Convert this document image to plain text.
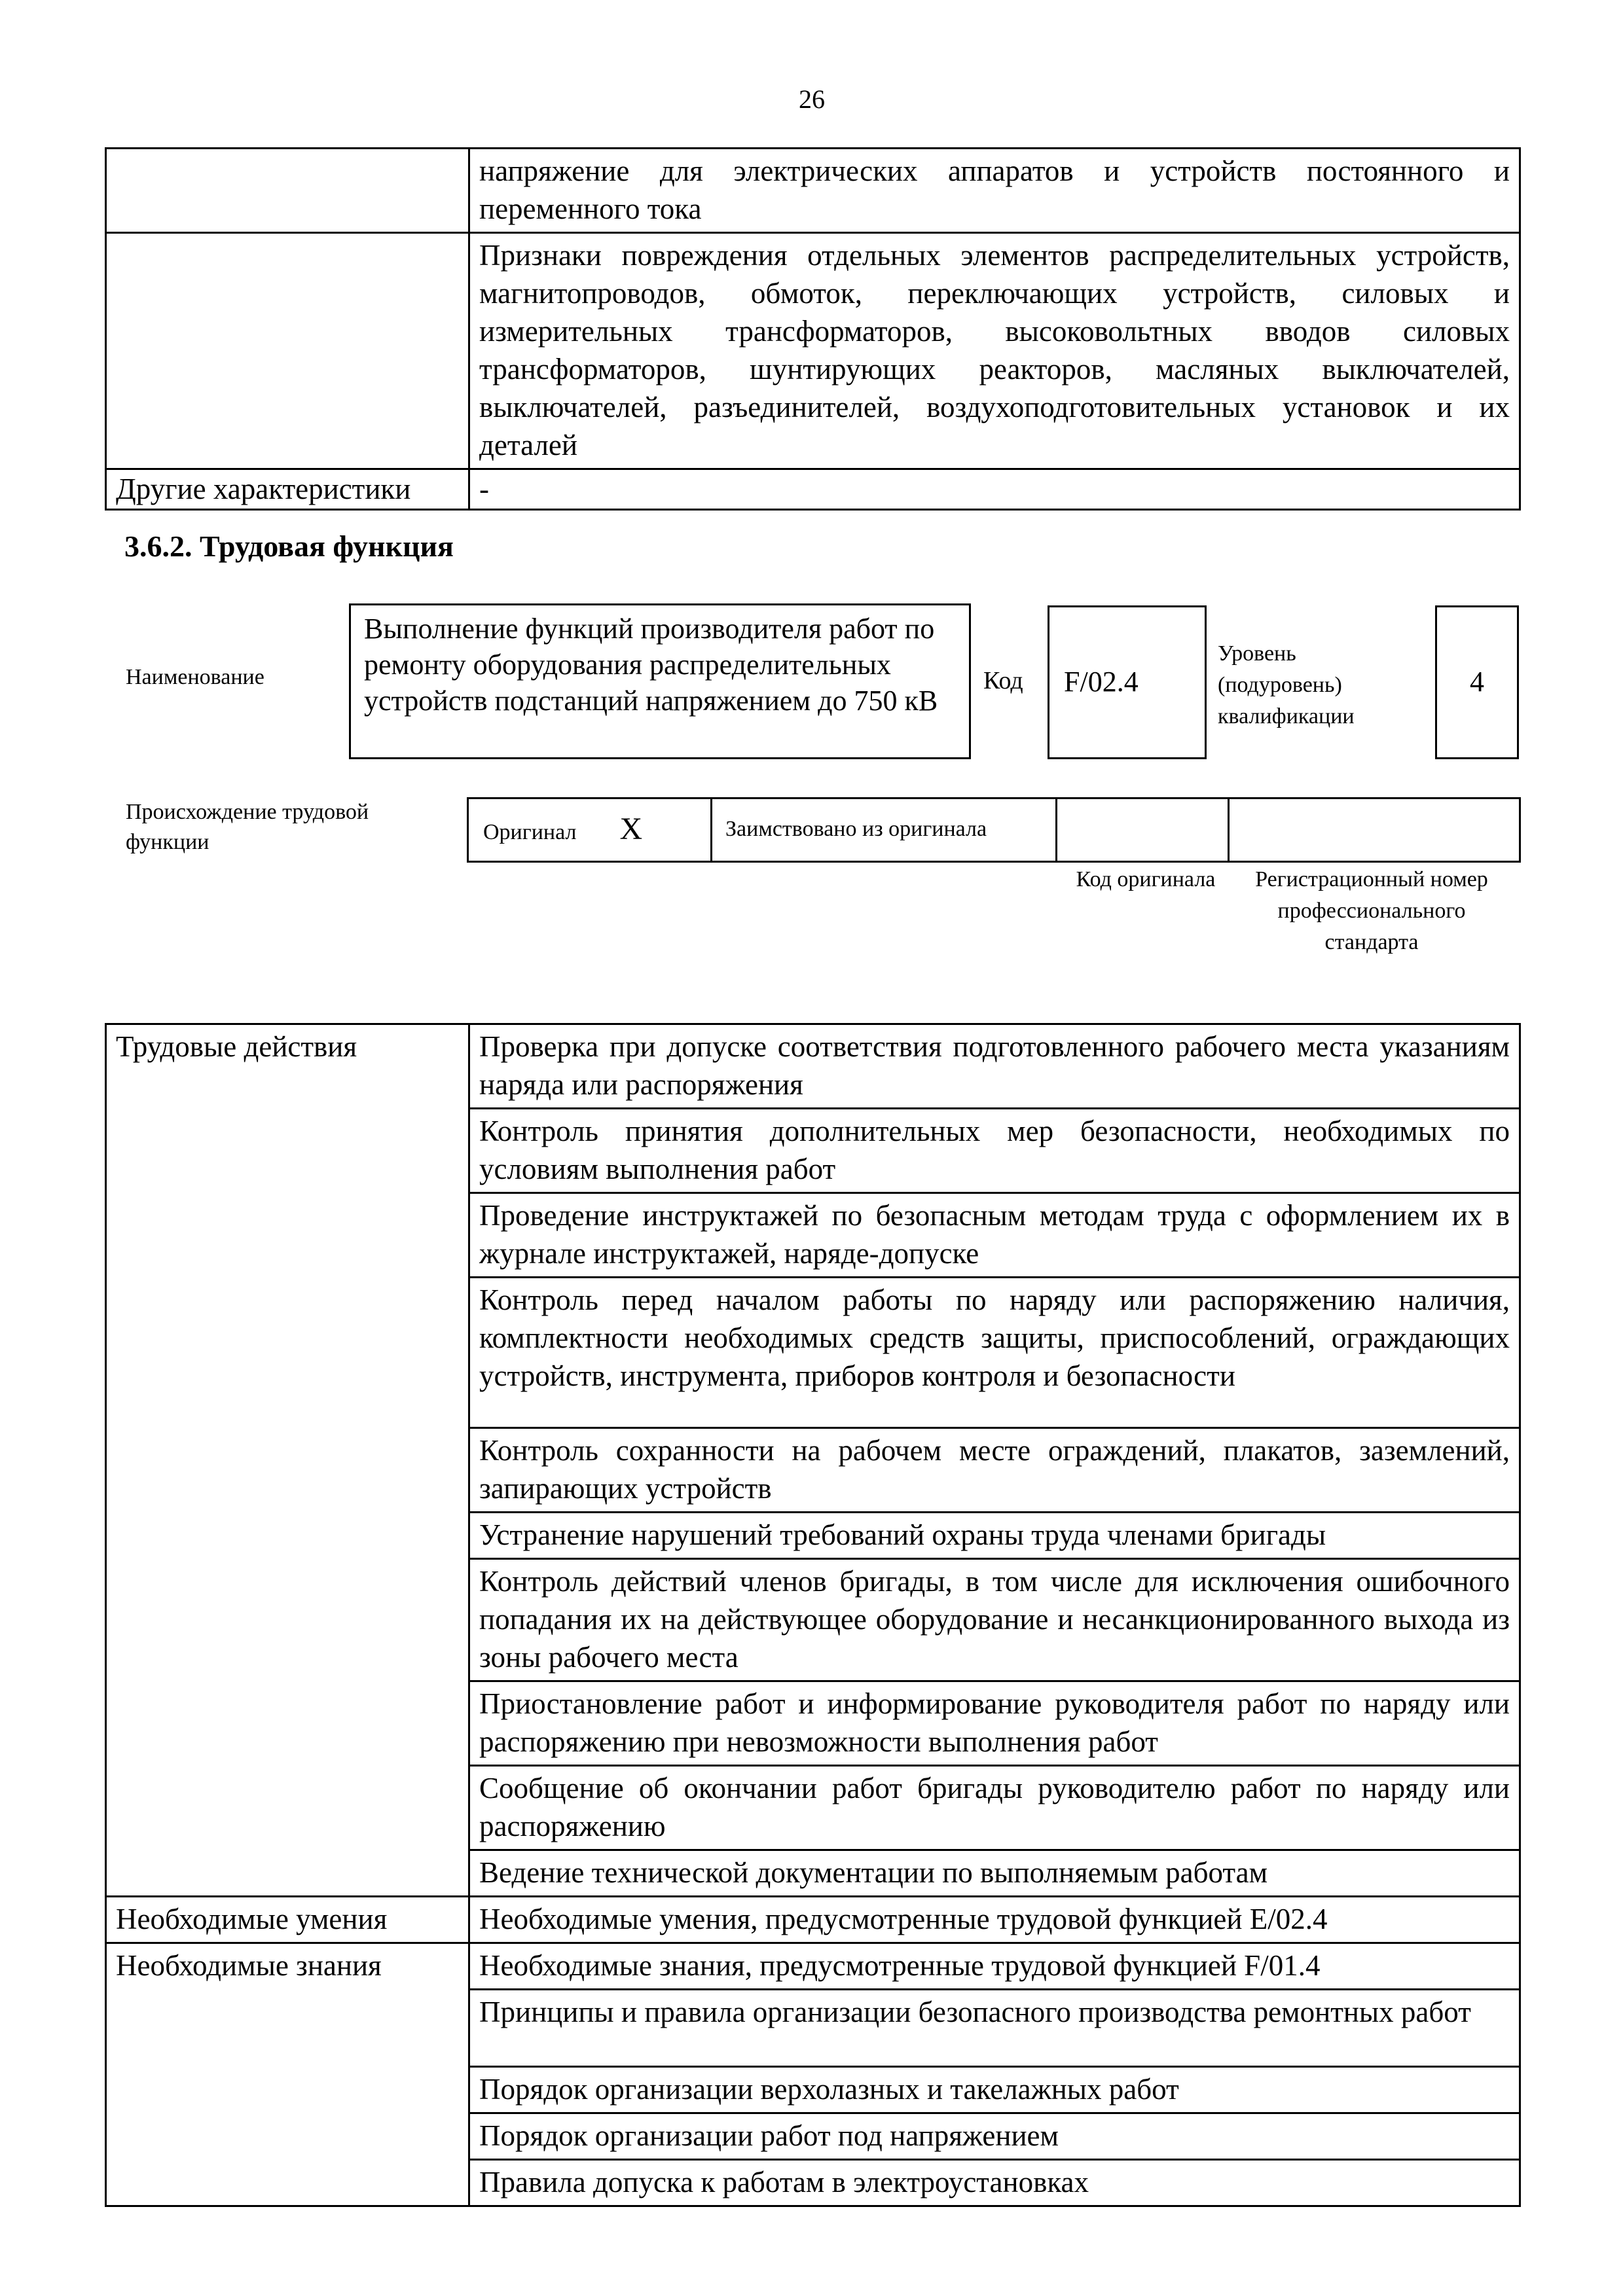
26
	напряжение для электрических аппаратов и устройств постоянного и переменного тока
	Признаки повреждения отдельных элементов распределительных устройств, магнитопроводов, обмоток, переключающих устройств, силовых и измерительных трансформаторов, высоковольтных вводов силовых трансформаторов, шунтирующих реакторов, масляных выключателей, выключателей, разъединителей, воздухоподготовительных установок и их деталей
Другие характеристики	-
3.6.2. Трудовая функция
Наименование
Выполнение функций производителя работ по ремонту оборудования распределительных устройств подстанций напряжением до 750 кВ
Код F/02.4
Уровень (подуровень) квалификации
4
Происхождение трудовой функции	Оригинал X	Заимствовано из оригинала		
Код оригинала	Регистрационный номер профессионального стандарта
Трудовые действия	Проверка при допуске соответствия подготовленного рабочего места указаниям наряда или распоряжения
	Контроль принятия дополнительных мер безопасности, необходимых по условиям выполнения работ
	Проведение инструктажей по безопасным методам труда с оформлением их в журнале инструктажей, наряде-допуске
	Контроль перед началом работы по наряду или распоряжению наличия, комплектности необходимых средств защиты, приспособлений, ограждающих устройств, инструмента, приборов контроля и безопасности
	Контроль сохранности на рабочем месте ограждений, плакатов, заземлений, запирающих устройств
	Устранение нарушений требований охраны труда членами бригады
	Контроль действий членов бригады, в том числе для исключения ошибочного попадания их на действующее оборудование и несанкционированного выхода из зоны рабочего места
	Приостановление работ и информирование руководителя работ по наряду или распоряжению при невозможности выполнения работ
	Сообщение об окончании работ бригады руководителю работ по наряду или распоряжению
	Ведение технической документации по выполняемым работам
Необходимые умения	Необходимые умения, предусмотренные трудовой функцией E/02.4
Необходимые знания	Необходимые знания, предусмотренные трудовой функцией F/01.4
	Принципы и правила организации безопасного производства ремонтных работ
	Порядок организации верхолазных и такелажных работ
	Порядок организации работ под напряжением
	Правила допуска к работам в электроустановках
